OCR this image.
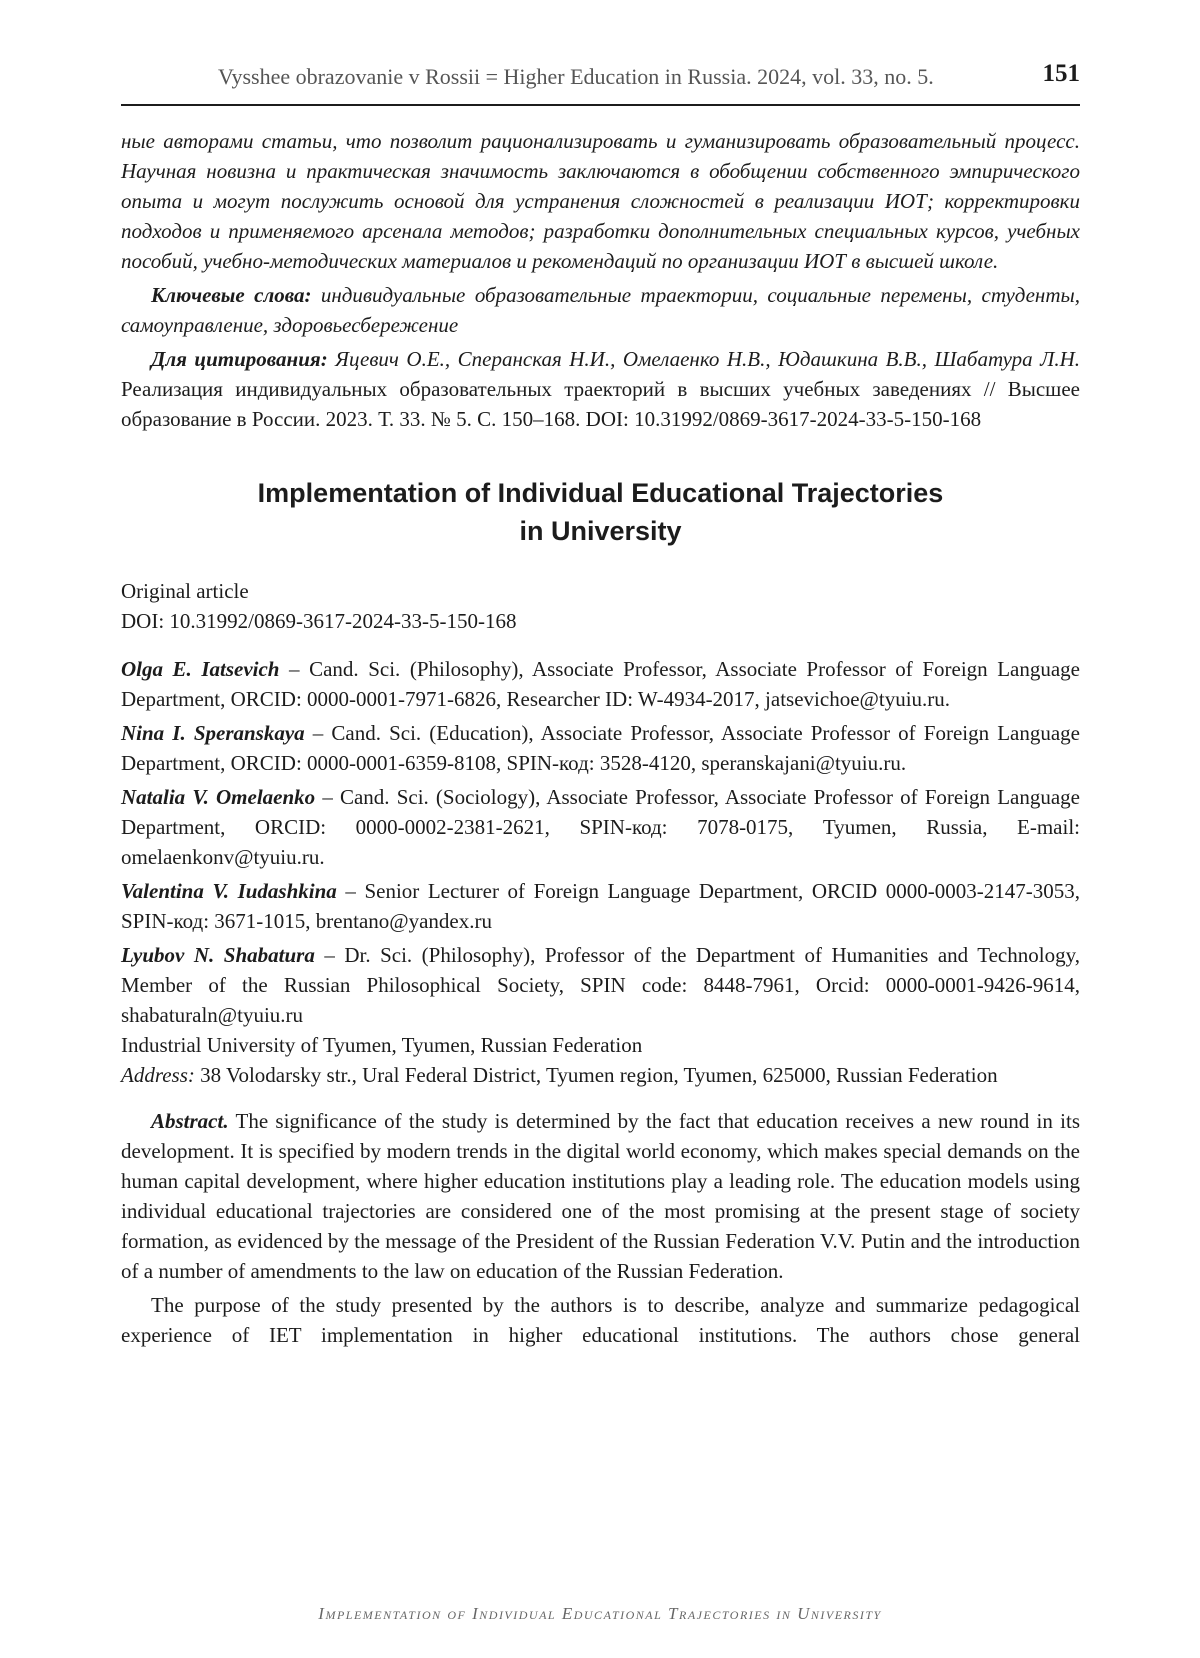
Vysshee obrazovanie v Rossii = Higher Education in Russia. 2024, vol. 33, no. 5.	151

ные авторами статьи, что позволит рационализировать и гуманизировать образовательный процесс. Научная новизна и практическая значимость заключаются в обобщении собственного эмпирического опыта и могут послужить основой для устранения сложностей в реализации ИОТ; корректировки подходов и применяемого арсенала методов; разработки дополнительных специальных курсов, учебных пособий, учебно-методических материалов и рекомендаций по организации ИОТ в высшей школе.

Ключевые слова: индивидуальные образовательные траектории, социальные перемены, студенты, самоуправление, здоровьесбережение

Для цитирования: Яцевич О.Е., Сперанская Н.И., Омелаенко Н.В., Юдашкина В.В., Шабатура Л.Н. Реализация индивидуальных образовательных траекторий в высших учебных заведениях // Высшее образование в России. 2023. Т. 33. № 5. С. 150–168. DOI: 10.31992/0869-3617-2024-33-5-150-168

Implementation of Individual Educational Trajectories
in University
Original article
DOI: 10.31992/0869-3617-2024-33-5-150-168

Olga E. Iatsevich – Cand. Sci. (Philosophy), Associate Professor, Associate Professor of Foreign Language Department, ORCID: 0000-0001-7971-6826, Researcher ID: W-4934-2017, jatsevichoe@tyuiu.ru.

Nina I. Speranskaya – Cand. Sci. (Education), Associate Professor, Associate Professor of Foreign Language Department, ORCID: 0000-0001-6359-8108, SPIN-код: 3528-4120, speranskajani@tyuiu.ru.

Natalia V. Omelaenko – Cand. Sci. (Sociology), Associate Professor, Associate Professor of Foreign Language Department, ORCID: 0000-0002-2381-2621, SPIN-код: 7078-0175, Tyumen, Russia, E-mail: omelaenkonv@tyuiu.ru.

Valentina V. Iudashkina – Senior Lecturer of Foreign Language Department, ORCID 0000-0003-2147-3053, SPIN-код: 3671-1015, brentano@yandex.ru

Lyubov N. Shabatura – Dr. Sci. (Philosophy), Professor of the Department of Humanities and Technology, Member of the Russian Philosophical Society, SPIN code: 8448-7961, Orcid: 0000-0001-9426-9614, shabaturaln@tyuiu.ru

Industrial University of Tyumen, Tyumen, Russian Federation

Address: 38 Volodarsky str., Ural Federal District, Tyumen region, Tyumen, 625000, Russian Federation

Abstract. The significance of the study is determined by the fact that education receives a new round in its development. It is specified by modern trends in the digital world economy, which makes special demands on the human capital development, where higher education institutions play a leading role. The education models using individual educational trajectories are considered one of the most promising at the present stage of society formation, as evidenced by the message of the President of the Russian Federation V.V. Putin and the introduction of a number of amendments to the law on education of the Russian Federation.

The purpose of the study presented by the authors is to describe, analyze and summarize pedagogical experience of IET implementation in higher educational institutions. The authors chose general

Implementation of Individual Educational Trajectories in University
